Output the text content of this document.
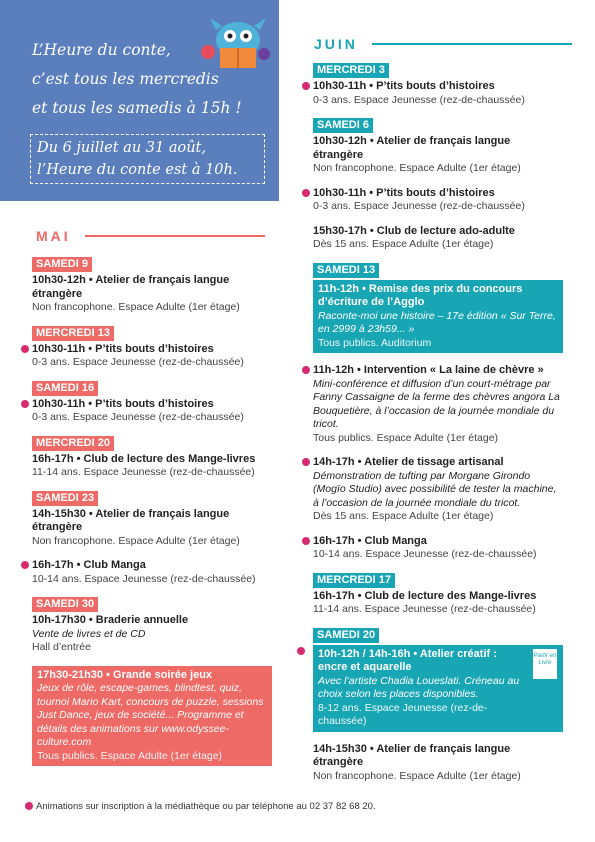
L’Heure du conte,
c’est tous les mercredis
et tous les samedis à 15h !
Du 6 juillet au 31 août,
l’Heure du conte est à 10h.
MAI
JUIN
SAMEDI 9
10h30-12h • Atelier de français langue étrangère
Non francophone. Espace Adulte (1er étage)
MERCREDI 13
10h30-11h • P’tits bouts d’histoires
0-3 ans. Espace Jeunesse (rez-de-chaussée)
SAMEDI 16
10h30-11h • P’tits bouts d’histoires
0-3 ans. Espace Jeunesse (rez-de-chaussée)
MERCREDI 20
16h-17h • Club de lecture des Mange-livres
11-14 ans. Espace Jeunesse (rez-de-chaussée)
SAMEDI 23
14h-15h30 • Atelier de français langue étrangère
Non francophone. Espace Adulte (1er étage)
16h-17h • Club Manga
10-14 ans. Espace Jeunesse (rez-de-chaussée)
SAMEDI 30
10h-17h30 • Braderie annuelle
Vente de livres et de CD
Hall d’entrée
17h30-21h30 • Grande soirée jeux
Jeux de rôle, escape-games, blindtest, quiz, tournoi Mario Kart, concours de puzzle, sessions Just Dance, jeux de société... Programme et détails des animations sur www.odyssee-culture.com
Tous publics. Espace Adulte (1er étage)
MERCREDI 3
10h30-11h • P’tits bouts d’histoires
0-3 ans. Espace Jeunesse (rez-de-chaussée)
SAMEDI 6
10h30-12h • Atelier de français langue étrangère
Non francophone. Espace Adulte (1er étage)
10h30-11h • P’tits bouts d’histoires
0-3 ans. Espace Jeunesse (rez-de-chaussée)
15h30-17h • Club de lecture ado-adulte
Dès 15 ans. Espace Adulte (1er étage)
SAMEDI 13
11h-12h • Remise des prix du concours d’écriture de l’Agglo
Raconte-moi une histoire – 17e édition « Sur Terre, en 2999 à 23h59... »
Tous publics. Auditorium
11h-12h • Intervention « La laine de chèvre »
Mini-conférence et diffusion d’un court-métrage par Fanny Cassaigne de la ferme des chèvres angora La Bouquetière, à l’occasion de la journée mondiale du tricot.
Tous publics. Espace Adulte (1er étage)
14h-17h • Atelier de tissage artisanal
Démonstration de tufting par Morgane Girondo (Mogïo Studio) avec possibilité de tester la machine, à l’occasion de la journée mondiale du tricot.
Dès 15 ans. Espace Adulte (1er étage)
16h-17h • Club Manga
10-14 ans. Espace Jeunesse (rez-de-chaussée)
MERCREDI 17
16h-17h • Club de lecture des Mange-livres
11-14 ans. Espace Jeunesse (rez-de-chaussée)
SAMEDI 20
10h-12h / 14h-16h • Atelier créatif : encre et aquarelle
Avec l’artiste Chadia Loueslati. Créneau au choix selon les places disponibles.
8-12 ans. Espace Jeunesse (rez-de-chaussée)
Partir en Livre
14h-15h30 • Atelier de français langue étrangère
Non francophone. Espace Adulte (1er étage)
Animations sur inscription à la médiathèque ou par téléphone au 02 37 82 68 20.
